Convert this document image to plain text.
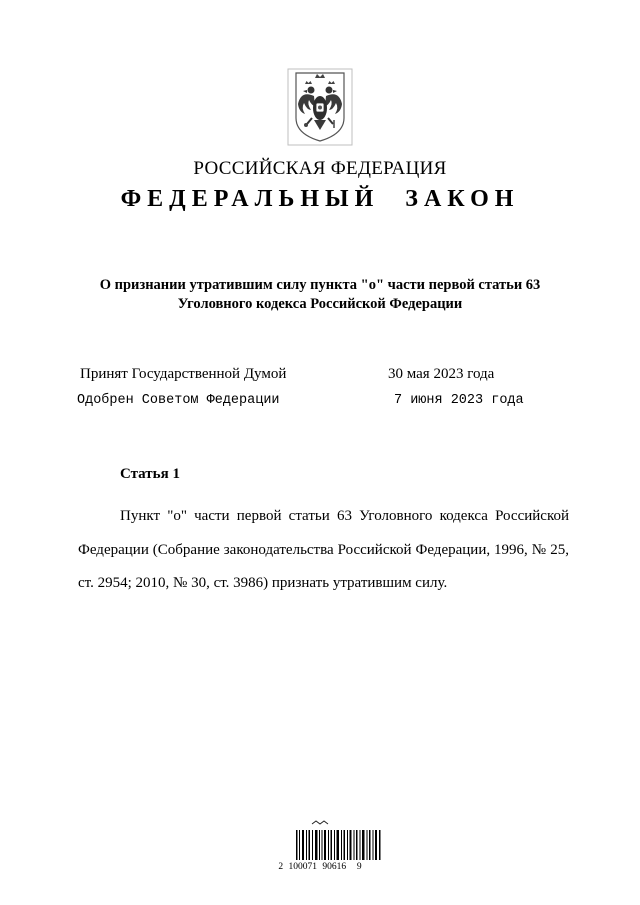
РОССИЙСКАЯ ФЕДЕРАЦИЯ
ФЕДЕРАЛЬНЫЙ ЗАКОН
О признании утратившим силу пункта "о" части первой статьи 63
Уголовного кодекса Российской Федерации
Принят Государственной Думой	30 мая 2023 года
Одобрен Советом Федерации	7 июня 2023 года
Статья 1

Пункт "о" части первой статьи 63 Уголовного кодекса Российской Федерации (Собрание законодательства Российской Федерации, 1996, № 25, ст. 2954; 2010, № 30, ст. 3986) признать утратившим силу.

2 100071 90616  9
